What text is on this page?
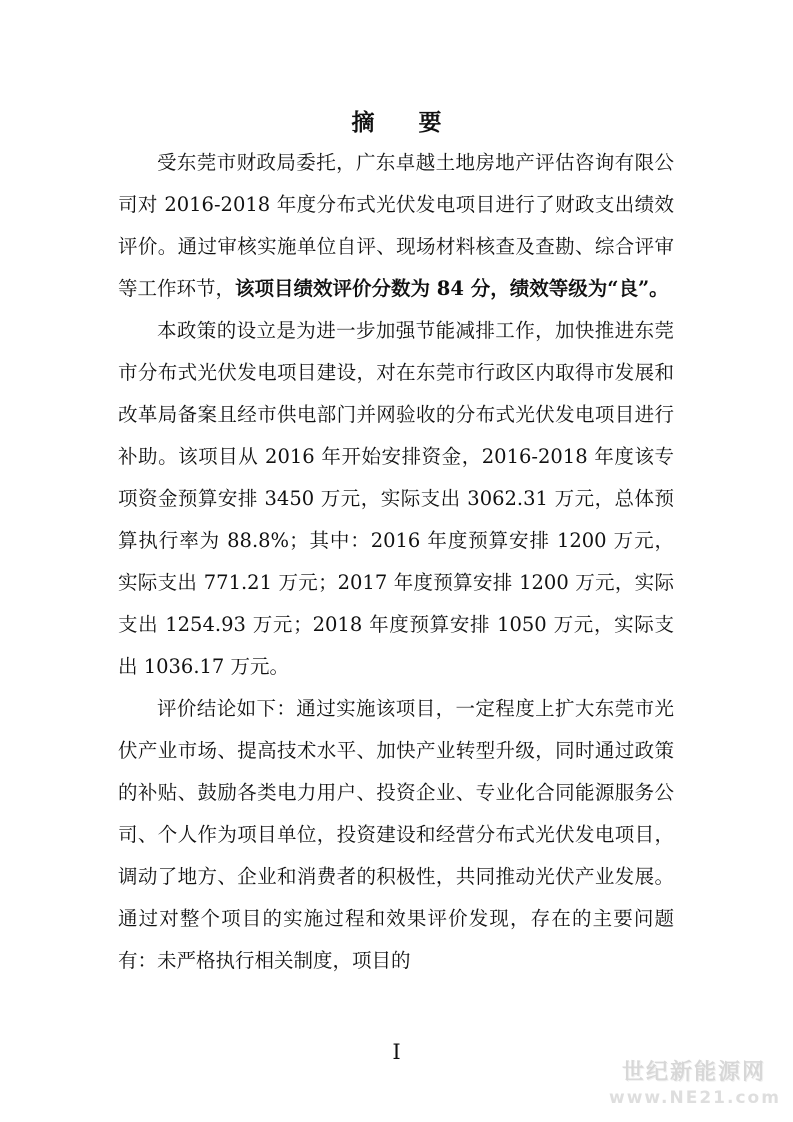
摘 要

受东莞市财政局委托，广东卓越土地房地产评估咨询有限公司对 2016-2018 年度分布式光伏发电项目进行了财政支出绩效评价。通过审核实施单位自评、现场材料核查及查勘、综合评审等工作环节，该项目绩效评价分数为 84 分，绩效等级为“良”。

本政策的设立是为进一步加强节能减排工作，加快推进东莞市分布式光伏发电项目建设，对在东莞市行政区内取得市发展和改革局备案且经市供电部门并网验收的分布式光伏发电项目进行补助。该项目从 2016 年开始安排资金，2016-2018 年度该专项资金预算安排 3450 万元，实际支出 3062.31 万元，总体预算执行率为 88.8%；其中：2016 年度预算安排 1200 万元，实际支出 771.21 万元；2017 年度预算安排 1200 万元，实际支出 1254.93 万元；2018 年度预算安排 1050 万元，实际支出 1036.17 万元。

评价结论如下：通过实施该项目，一定程度上扩大东莞市光伏产业市场、提高技术水平、加快产业转型升级，同时通过政策的补贴、鼓励各类电力用户、投资企业、专业化合同能源服务公司、个人作为项目单位，投资建设和经营分布式光伏发电项目，调动了地方、企业和消费者的积极性，共同推动光伏产业发展。通过对整个项目的实施过程和效果评价发现，存在的主要问题有：未严格执行相关制度，项目的

I
世纪新能源网
www.NE21.com
